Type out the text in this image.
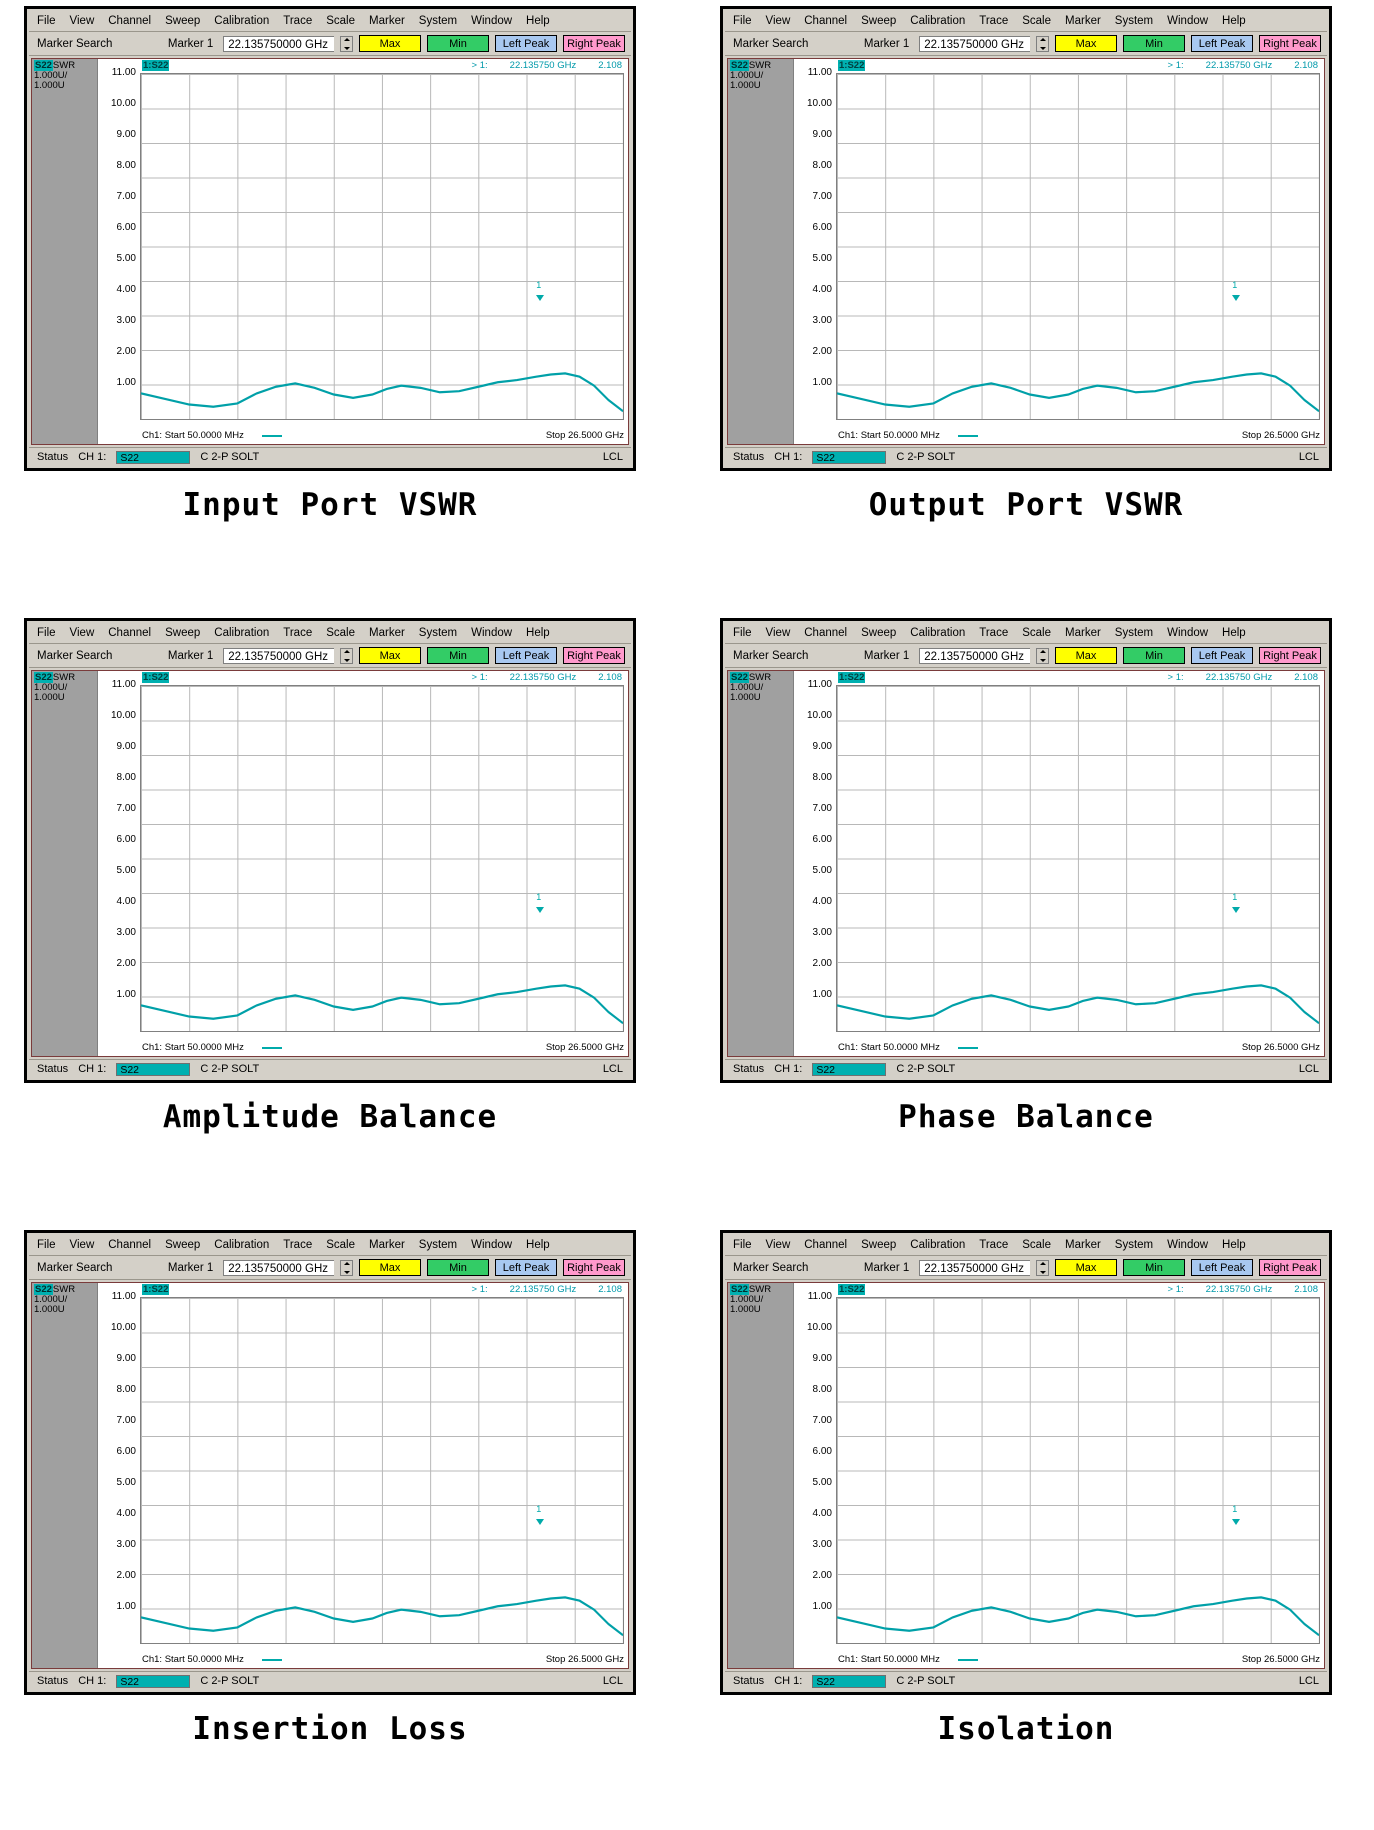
File View Channel Sweep Calibration Trace Scale Marker System Window Help
Marker Search	Marker 1	22.135750000 GHz	Max	Min	Left Peak	Right Peak
S22SWR
1.000U/
1.000U
1:S22	> 1: 22.135750 GHz 2.108
11.00
10.00
9.00
8.00
7.00
6.00
5.00
4.00
3.00
2.00
1.00
1
Ch1: Start 50.0000 MHz	Stop 26.5000 GHz
Status CH 1:	S22	C 2-P SOLT	LCL
Input Port VSWR
File View Channel Sweep Calibration Trace Scale Marker System Window Help
Marker Search	Marker 1	22.135750000 GHz	Max	Min	Left Peak	Right Peak
S22SWR
1.000U/
1.000U
1:S22	> 1: 22.135750 GHz 2.108
11.00
10.00
9.00
8.00
7.00
6.00
5.00
4.00
3.00
2.00
1.00
1
Ch1: Start 50.0000 MHz	Stop 26.5000 GHz
Status CH 1:	S22	C 2-P SOLT	LCL
Output Port VSWR
File View Channel Sweep Calibration Trace Scale Marker System Window Help
Marker Search	Marker 1	22.135750000 GHz	Max	Min	Left Peak	Right Peak
S22SWR
1.000U/
1.000U
1:S22	> 1: 22.135750 GHz 2.108
11.00
10.00
9.00
8.00
7.00
6.00
5.00
4.00
3.00
2.00
1.00
1
Ch1: Start 50.0000 MHz	Stop 26.5000 GHz
Status CH 1:	S22	C 2-P SOLT	LCL
Amplitude Balance
File View Channel Sweep Calibration Trace Scale Marker System Window Help
Marker Search	Marker 1	22.135750000 GHz	Max	Min	Left Peak	Right Peak
S22SWR
1.000U/
1.000U
1:S22	> 1: 22.135750 GHz 2.108
11.00
10.00
9.00
8.00
7.00
6.00
5.00
4.00
3.00
2.00
1.00
1
Ch1: Start 50.0000 MHz	Stop 26.5000 GHz
Status CH 1:	S22	C 2-P SOLT	LCL
Phase Balance
File View Channel Sweep Calibration Trace Scale Marker System Window Help
Marker Search	Marker 1	22.135750000 GHz	Max	Min	Left Peak	Right Peak
S22SWR
1.000U/
1.000U
1:S22	> 1: 22.135750 GHz 2.108
11.00
10.00
9.00
8.00
7.00
6.00
5.00
4.00
3.00
2.00
1.00
1
Ch1: Start 50.0000 MHz	Stop 26.5000 GHz
Status CH 1:	S22	C 2-P SOLT	LCL
Insertion Loss
File View Channel Sweep Calibration Trace Scale Marker System Window Help
Marker Search	Marker 1	22.135750000 GHz	Max	Min	Left Peak	Right Peak
S22SWR
1.000U/
1.000U
1:S22	> 1: 22.135750 GHz 2.108
11.00
10.00
9.00
8.00
7.00
6.00
5.00
4.00
3.00
2.00
1.00
1
Ch1: Start 50.0000 MHz	Stop 26.5000 GHz
Status CH 1:	S22	C 2-P SOLT	LCL
Isolation
